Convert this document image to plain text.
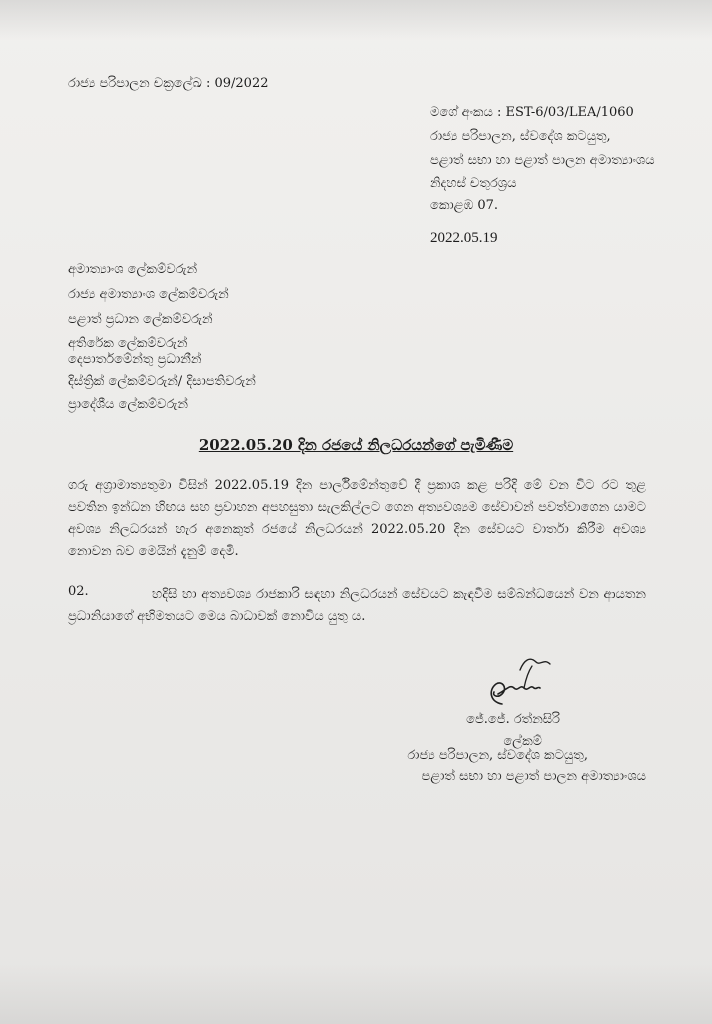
රාජ්‍ය පරිපාලන චක්‍රලේඛ : 09/2022
මගේ අංකය : EST-6/03/LEA/1060
රාජ්‍ය පරිපාලන, ස්වදේශ කටයුතු,
පළාත් සභා හා පළාත් පාලන අමාත්‍යාංශය
නිදහස් චතුරශ්‍රය
කොළඹ 07.
2022.05.19
අමාත්‍යාංශ ලේකම්වරුන්
රාජ්‍ය අමාත්‍යාංශ ලේකම්වරුන්
පළාත් ප්‍රධාන ලේකම්වරුන්
අතිරේක ලේකම්වරුන්
දෙපාර්තමේන්තු ප්‍රධානීන්
දිස්ත්‍රික් ලේකම්වරුන්/ දිසාපතිවරුන්
ප්‍රාදේශීය ලේකම්වරුන්
2022.05.20 දින රජයේ නිලධරයන්ගේ පැමිණීම
ගරු අග්‍රාමාත්‍යතුමා විසින් 2022.05.19 දින පාර්ලිමේන්තුවේ දී ප්‍රකාශ කළ පරිදි මේ වන විට රට තුළ පවතින ඉන්ධන හිඟය සහ ප්‍රවාහන අපහසුතා සැලකිල්ලට ගෙන අත්‍යවශ්‍යම සේවාවන් පවත්වාගෙන යාමට අවශ්‍ය නිලධරයන් හැර අනෙකුත් රජයේ නිලධරයන් 2022.05.20 දින සේවයට වාර්තා කිරීම අවශ්‍ය නොවන බව මෙයින් දැනුම් දෙමි.
02.	හදිසි හා අත්‍යවශ්‍ය රාජකාරි සඳහා නිලධරයන් සේවයට කැඳවීම සම්බන්ධයෙන් වන ආයතන ප්‍රධානියාගේ අභිමතයට මෙය බාධාවක් නොවිය යුතු ය.
ජේ.ජේ. රත්නසිරි
ලේකම්
රාජ්‍ය පරිපාලන, ස්වදේශ කටයුතු,
පළාත් සභා හා පළාත් පාලන අමාත්‍යාංශය
